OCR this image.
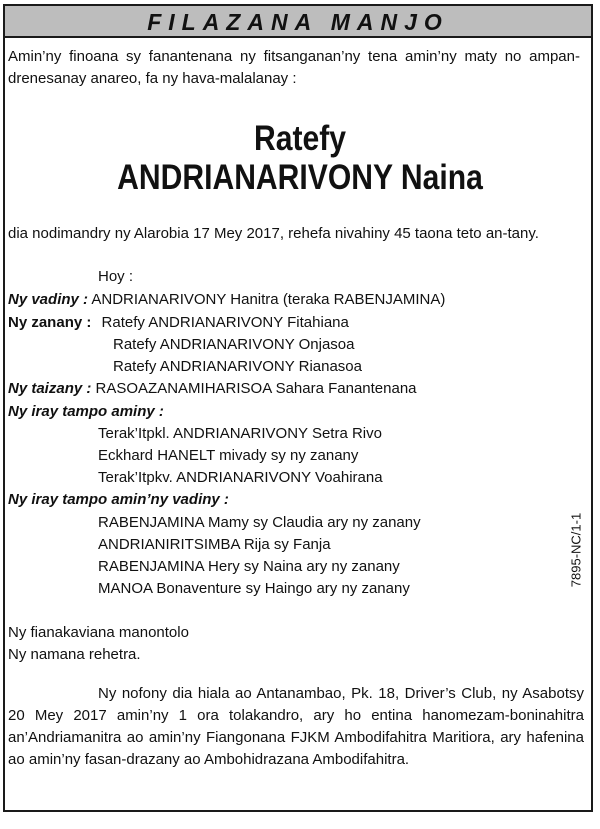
FILAZANA MANJO
Amin’ny finoana sy fanantenana ny fitsanganan’ny tena amin’ny maty no ampan-drenesanay anareo, fa ny hava-malalanay :
Ratefy
ANDRIANARIVONY Naina
dia nodimandry ny Alarobia 17 Mey 2017, rehefa nivahiny 45 taona teto an-tany.
Hoy :
Ny vadiny : ANDRIANARIVONY Hanitra (teraka RABENJAMINA)
Ny zanany : Ratefy ANDRIANARIVONY Fitahiana
Ratefy ANDRIANARIVONY Onjasoa
Ratefy ANDRIANARIVONY Rianasoa
Ny taizany : RASOAZANAMIHARISOA Sahara Fanantenana
Ny iray tampo aminy :
Terak’Itpkl. ANDRIANARIVONY Setra Rivo
Eckhard HANELT mivady sy ny zanany
Terak’Itpkv. ANDRIANARIVONY Voahirana
Ny iray tampo amin’ny vadiny :
RABENJAMINA Mamy sy Claudia ary ny zanany
ANDRIANIRITSIMBA Rija sy Fanja
RABENJAMINA Hery sy Naina ary ny zanany
MANOA Bonaventure sy Haingo ary ny zanany
7895-NC/1-1
Ny fianakaviana manontolo
Ny namana rehetra.
Ny nofony dia hiala ao Antanambao, Pk. 18, Driver’s Club, ny Asabotsy 20 Mey 2017 amin’ny 1 ora tolakandro, ary ho entina hanomezam-boninahitra an’Andriamanitra ao amin’ny Fiangonana FJKM Ambodifahitra Maritiora, ary hafenina ao amin’ny fasan-drazany ao Ambohidrazana Ambodifahitra.
